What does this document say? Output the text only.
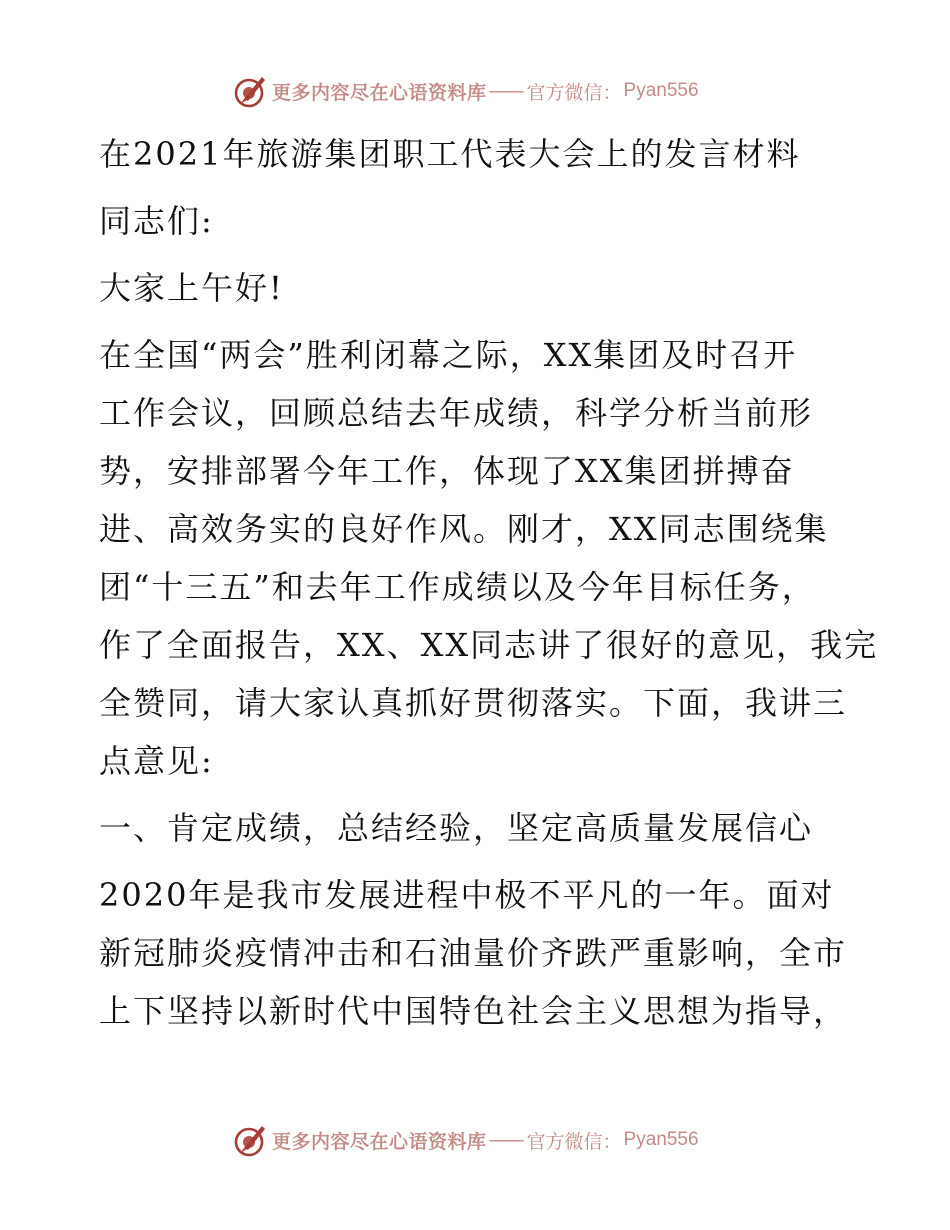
更多内容尽在心语资料库 —— 官方微信： Pyan556
在2021年旅游集团职工代表大会上的发言材料
同志们:
大家上午好!
在全国“两会”胜利闭幕之际，XX集团及时召开
工作会议，回顾总结去年成绩，科学分析当前形
势，安排部署今年工作，体现了XX集团拼搏奋
进、高效务实的良好作风。刚才，XX同志围绕集
团“十三五”和去年工作成绩以及今年目标任务，
作了全面报告，XX、XX同志讲了很好的意见，我完
全赞同，请大家认真抓好贯彻落实。下面，我讲三
点意见:
一、肯定成绩，总结经验，坚定高质量发展信心
2020年是我市发展进程中极不平凡的一年。面对
新冠肺炎疫情冲击和石油量价齐跌严重影响，全市
上下坚持以新时代中国特色社会主义思想为指导，
更多内容尽在心语资料库 —— 官方微信： Pyan556
